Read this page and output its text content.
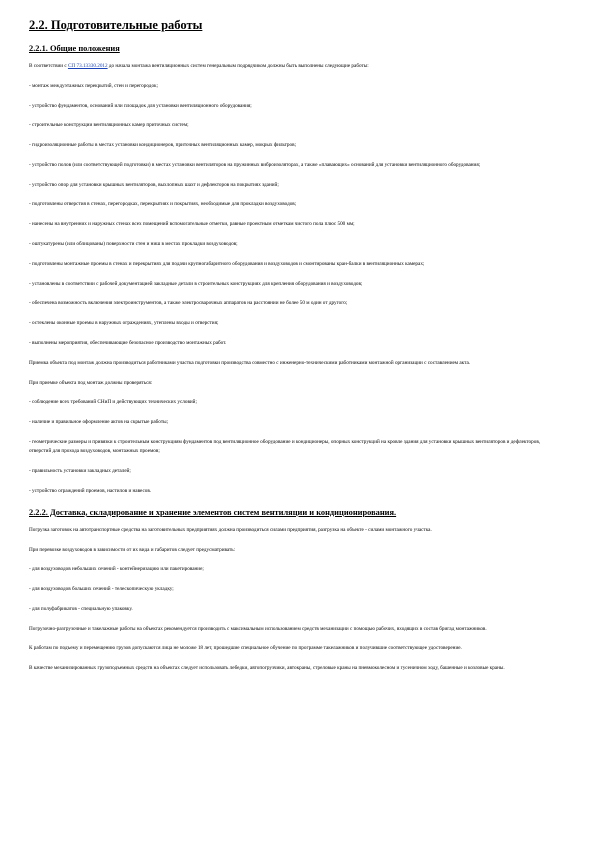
2.2. Подготовительные работы
2.2.1. Общие положения

В соответствии с СП 73.13330.2012 до начала монтажа вентиляционных систем генеральным подрядчиком должны быть выполнены следующие работы:

- монтаж междуэтажных перекрытий, стен и перегородок;

- устройство фундаментов, оснований или площадок для установки вентиляционного оборудования;

- строительные конструкции вентиляционных камер приточных систем;

- гидроизоляционные работы в местах установки кондиционеров, приточных вентиляционных камер, мокрых фильтров;

- устройство полов (или соответствующей подготовки) в местах установки вентиляторов на пружинных виброизоляторах, а также «плавающих» оснований для установки вентиляционного оборудования;

- устройство опор для установки крышных вентиляторов, выхлопных шахт и дефлекторов на покрытиях зданий;

- подготовлены отверстия в стенах, перегородках, перекрытиях и покрытиях, необходимые для прокладки воздуховодов;

- нанесены на внутренних и наружных стенах всех помещений вспомогательные отметки, равные проектным отметкам чистого пола плюс 500 мм;

- оштукатурены (или облицованы) поверхности стен и ниш в местах прокладки воздуховодов;

- подготовлены монтажные проемы в стенах и перекрытиях для подачи крупногабаритного оборудования и воздуховодов и смонтированы кран-балки в вентиляционных камерах;

- установлены в соответствии с рабочей документацией закладные детали в строительных конструкциях для крепления оборудования и воздуховодов;

- обеспечена возможность включения электроинструментов, а также электросварочных аппаратов на расстоянии не более 50 м один от другого;

- остеклены оконные проемы в наружных ограждениях, утеплены входы и отверстия;

- выполнены мероприятия, обеспечивающие безопасное производство монтажных работ.

Приемка объекта под монтаж должна производиться работниками участка подготовки производства совместно с инженерно-техническими работниками монтажной организации с составлением акта.

При приемке объекта под монтаж должны проверяться:

- соблюдение всех требований СНиП и действующих технических условий;

- наличие и правильное оформление актов на скрытые работы;

- геометрические размеры и привязки к строительным конструкциям фундаментов под вентиляционное оборудование и кондиционеры, опорных конструкций на кровле здания для установки крышных вентиляторов и дефлекторов, отверстий для прохода воздуховодов, монтажных проемов;

- правильность установки закладных деталей;

- устройство ограждений проемов, настилов и навесов.

2.2.2. Доставка, складирование и хранение элементов систем вентиляции и кондиционирования.

Погрузка заготовок на автотранспортные средства на заготовительных предприятиях должна производиться силами предприятия, разгрузка на объекте - силами монтажного участка.

При перевозке воздуховодов в зависимости от их вида и габаритов следует предусматривать:

- для воздуховодов небольших сечений - контейнеризацию или пакетирование;

- для воздуховодов больших сечений - телескопическую укладку;

- для полуфабрикатов - специальную упаковку.

Погрузочно-разгрузочные и такелажные работы на объектах рекомендуется производить с максимальным использованием средств механизации с помощью рабочих, входящих в состав бригад монтажников.

К работам по подъему и перемещению грузов допускаются лица не моложе 18 лет, прошедшие специальное обучение по программе такелажников и получившие соответствующее удостоверение.

В качестве механизированных грузоподъемных средств на объектах следует использовать лебедки, автопогрузчики, автокраны, стреловые краны на пневмоколесном и гусеничном ходу, башенные и козловые краны.
